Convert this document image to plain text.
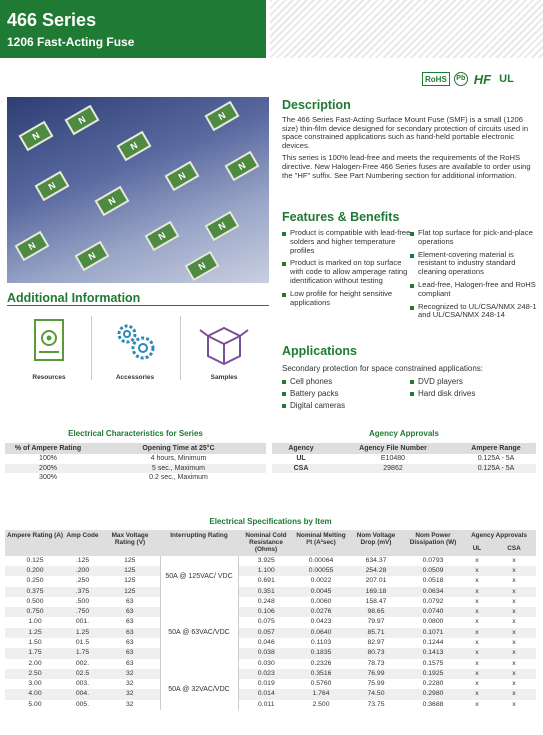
466 Series
1206 Fast-Acting Fuse
RoHS	Pb HF UL
N
N
N
N
N
N
N
N
N
N
N
N
N
Description

The 466 Series Fast-Acting Surface Mount Fuse (SMF) is a small (1206 size) thin-film device designed for secondary protection of circuits used in space constrained applications such as hand-held portable electronic devices.

This series is 100% lead-free and meets the requirements of the RoHS directive. New Halogen-Free 466 Series fuses are available to order using the "HF" suffix. See Part Numbering section for additional information.

Features & Benefits
Product is compatible with lead-free solders and higher temperature profiles
Product is marked on top surface with code to allow amperage rating identification without testing
Low profile for height sensitive applications
Flat top surface for pick-and-place operations
Element-covering material is resistant to industry standard cleaning operations
Lead-free, Halogen-free and RoHS compliant
Recognized to UL/CSA/NMX 248-1 and UL/CSA/NMX 248-14
Applications
Secondary protection for space constrained applications:
Cell phones
Battery packs
Digital cameras
DVD players
Hard disk drives
Additional Information
Resources	Accessories	Samples
Electrical Characteristics for Series
% of Ampere Rating	Opening Time at 25°C
100%	4 hours, Minimum
200%	5 sec., Maximum
300%	0.2 sec., Maximum
Agency Approvals
Agency	Agency File Number	Ampere Range
UL	E10480	0.125A - 5A
CSA	29862	0.125A - 5A
Electrical Specifications by Item
Ampere Rating (A)	Amp Code	Max Voltage Rating (V)	Interrupting Rating	Nominal Cold Resistance (Ohms)	Nominal Melting I²t (A²sec)	Nom Voltage Drop (mV)	Nom Power Dissipation (W)	Agency Approvals	
								UL	CSA
0.125	.125	125	50A @ 125VAC/ VDC	3.925	0.00064	634.37	0.0793	x	x
0.200	.200	125		1.100	0.00055	254.28	0.0509	x	x
0.250	.250	125		0.691	0.0022	207.01	0.0518	x	x
0.375	.375	125		0.351	0.0045	169.18	0.0634	x	x
0.500	.500	63	50A @ 63VAC/VDC	0.248	0.0060	158.47	0.0792	x	x
0.750	.750	63		0.106	0.0276	98.65	0.0740	x	x
1.00	001.	63		0.075	0.0423	79.97	0.0800	x	x
1.25	1.25	63		0.057	0.0640	85.71	0.1071	x	x
1.50	01.5	63		0.046	0.1103	82.97	0.1244	x	x
1.75	1.75	63		0.038	0.1835	80.73	0.1413	x	x
2.00	002.	63		0.030	0.2326	78.73	0.1575	x	x
2.50	02.5	32	50A @ 32VAC/VDC	0.023	0.3516	76.99	0.1925	x	x
3.00	003.	32		0.019	0.5760	75.99	0.2280	x	x
4.00	004.	32		0.014	1.764	74.50	0.2980	x	x
5.00	005.	32		0.011	2.500	73.75	0.3688	x	x
